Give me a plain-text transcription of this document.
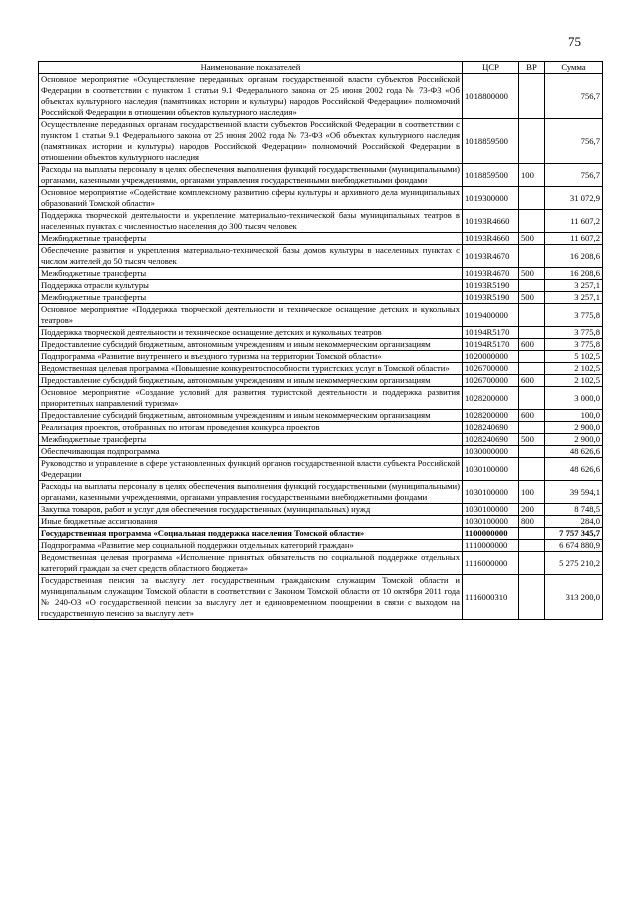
75
Наименование показателей	ЦСР	ВР	Сумма
Основное мероприятие «Осуществление переданных органам государственной власти субъектов Российской Федерации в соответствии с пунктом 1 статьи 9.1 Федерального закона от 25 июня 2002 года № 73-ФЗ «Об объектах культурного наследия (памятниках истории и культуры) народов Российской Федерации» полномочий Российской Федерации в отношении объектов культурного наследия»	1018800000		756,7
Осуществление переданных органам государственной власти субъектов Российской Федерации в соответствии с пунктом 1 статьи 9.1 Федерального закона от 25 июня 2002 года № 73-ФЗ «Об объектах культурного наследия (памятниках истории и культуры) народов Российской Федерации» полномочий Российской Федерации в отношении объектов культурного наследия	1018859500		756,7
Расходы на выплаты персоналу в целях обеспечения выполнения функций государственными (муниципальными) органами, казенными учреждениями, органами управления государственными внебюджетными фондами	1018859500	100	756,7
Основное мероприятие «Содействие комплексному развитию сферы культуры и архивного дела муниципальных образований Томской области»	1019300000		31 072,9
Поддержка творческой деятельности и укрепление материально-технической базы муниципальных театров в населенных пунктах с численностью населения до 300 тысяч человек	10193R4660		11 607,2
Межбюджетные трансферты	10193R4660	500	11 607,2
Обеспечение развития и укрепления материально-технической базы домов культуры в населенных пунктах с числом жителей до 50 тысяч человек	10193R4670		16 208,6
Межбюджетные трансферты	10193R4670	500	16 208,6
Поддержка отрасли культуры	10193R5190		3 257,1
Межбюджетные трансферты	10193R5190	500	3 257,1
Основное мероприятие «Поддержка творческой деятельности и техническое оснащение детских и кукольных театров»	1019400000		3 775,8
Поддержка творческой деятельности и техническое оснащение детских и кукольных театров	10194R5170		3 775,8
Предоставление субсидий бюджетным, автономным учреждениям и иным некоммерческим организациям	10194R5170	600	3 775,8
Подпрограмма «Развитие внутреннего и въездного туризма на территории Томской области»	1020000000		5 102,5
Ведомственная целевая программа «Повышение конкурентоспособности туристских услуг в Томской области»	1026700000		2 102,5
Предоставление субсидий бюджетным, автономным учреждениям и иным некоммерческим организациям	1026700000	600	2 102,5
Основное мероприятие «Создание условий для развития туристской деятельности и поддержка развития приоритетных направлений туризма»	1028200000		3 000,0
Предоставление субсидий бюджетным, автономным учреждениям и иным некоммерческим организациям	1028200000	600	100,0
Реализация проектов, отобранных по итогам проведения конкурса проектов	1028240690		2 900,0
Межбюджетные трансферты	1028240690	500	2 900,0
Обеспечивающая подпрограмма	1030000000		48 626,6
Руководство и управление в сфере установленных функций органов государственной власти субъекта Российской Федерации	1030100000		48 626,6
Расходы на выплаты персоналу в целях обеспечения выполнения функций государственными (муниципальными) органами, казенными учреждениями, органами управления государственными внебюджетными фондами	1030100000	100	39 594,1
Закупка товаров, работ и услуг для обеспечения государственных (муниципальных) нужд	1030100000	200	8 748,5
Иные бюджетные ассигнования	1030100000	800	284,0
Государственная программа «Социальная поддержка населения Томской области»	1100000000		7 757 345,7
Подпрограмма «Развитие мер социальной поддержки отдельных категорий граждан»	1110000000		6 674 880,9
Ведомственная целевая программа «Исполнение принятых обязательств по социальной поддержке отдельных категорий граждан за счет средств областного бюджета»	1116000000		5 275 210,2
Государственная пенсия за выслугу лет государственным гражданским служащим Томской области и муниципальным служащим Томской области в соответствии с Законом Томской области от 10 октября 2011 года № 240-ОЗ «О государственной пенсии за выслугу лет и единовременном поощрении в связи с выходом на государственную пенсию за выслугу лет»	1116000310		313 200,0
